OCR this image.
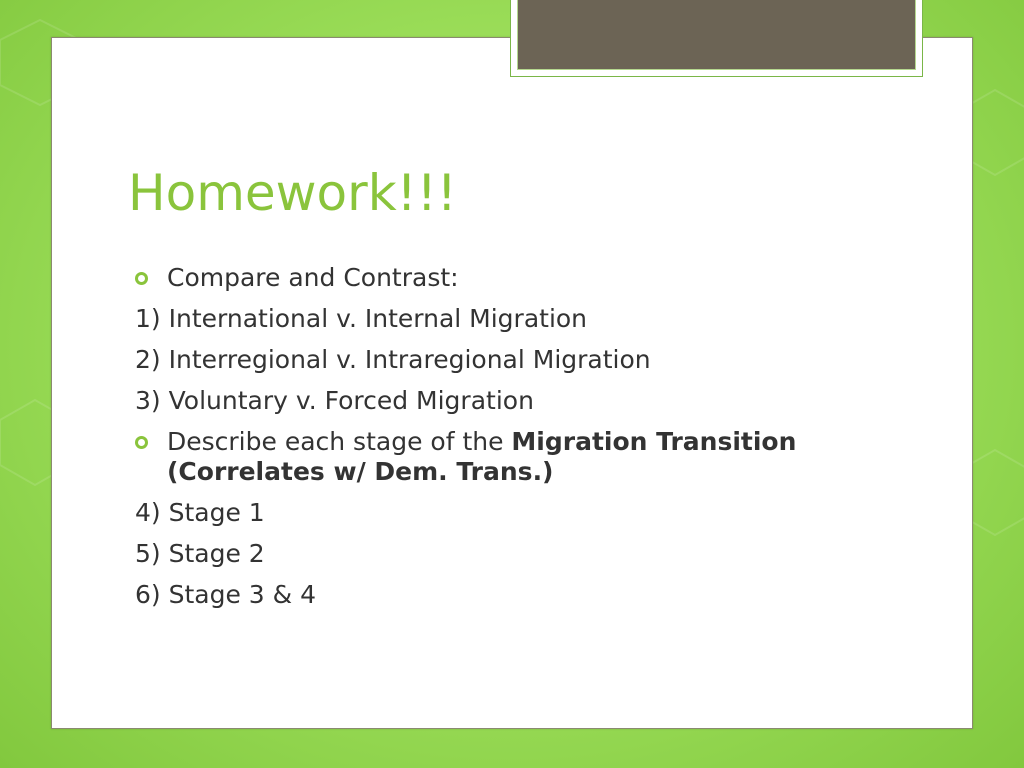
Homework!!!

Compare and Contrast:

1) International v. Internal Migration

2) Interregional v. Intraregional Migration

3) Voluntary v. Forced Migration

Describe each stage of the Migration Transition (Correlates w/ Dem. Trans.)

4) Stage 1

5) Stage 2

6) Stage 3 & 4
